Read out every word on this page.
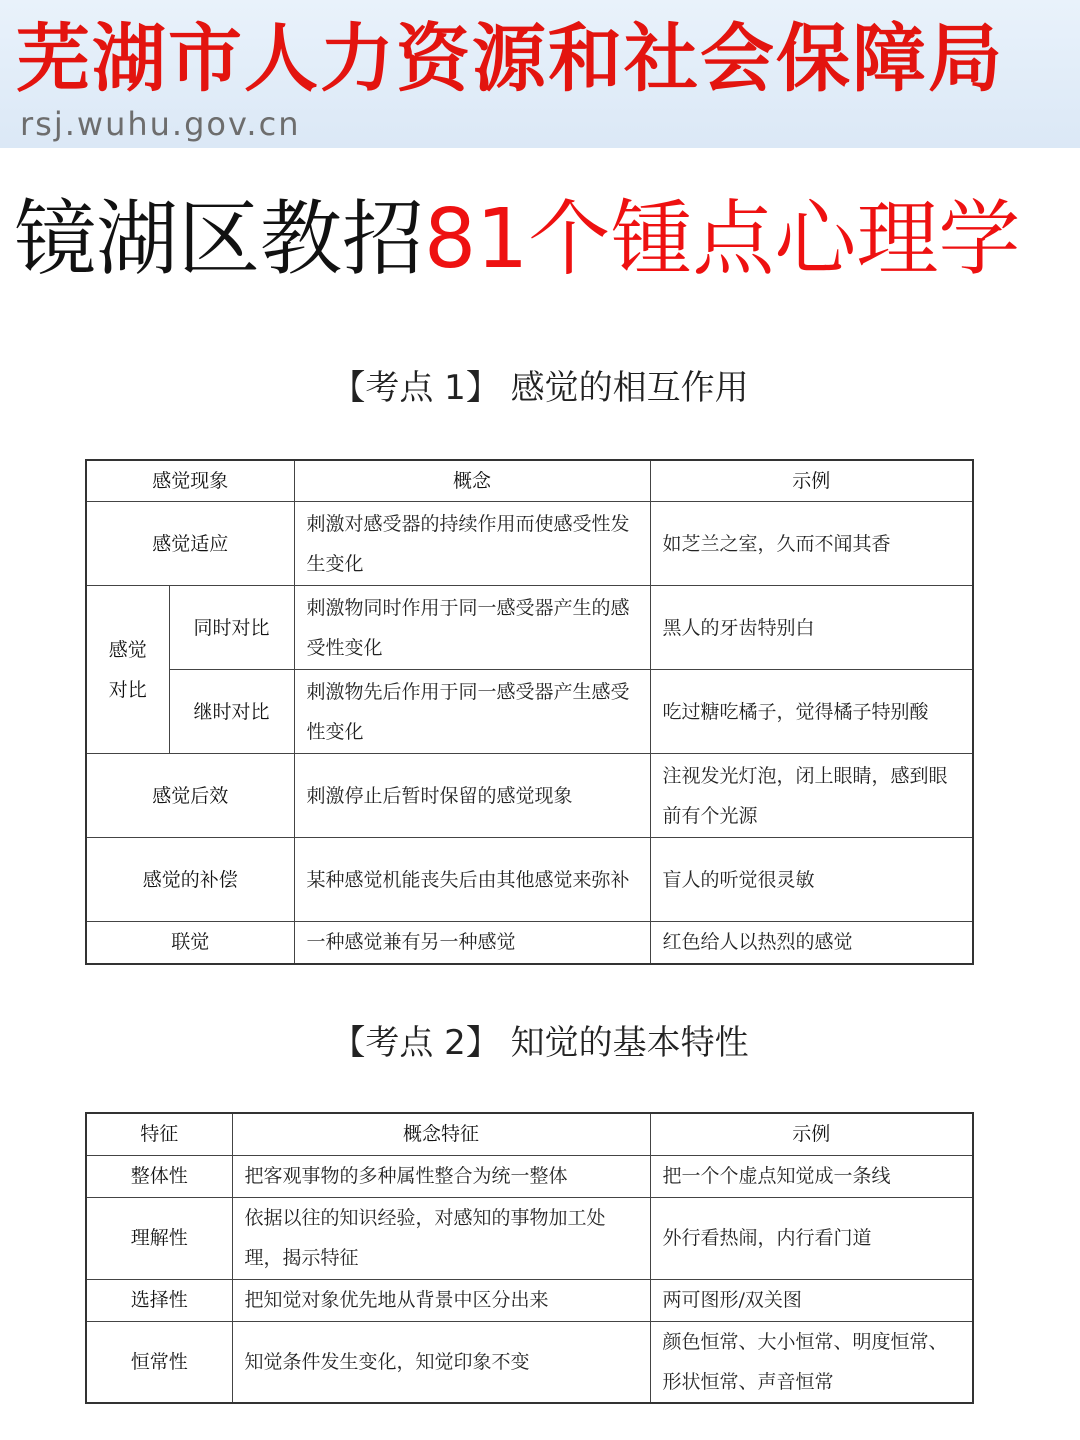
芜湖市人力资源和社会保障局
rsj.wuhu.gov.cn
镜湖区教招81个锺点心理学
【考点 1】 感觉的相互作用
感觉现象		概念	示例
感觉适应		刺激对感受器的持续作用而使感受性发生变化	如芝兰之室，久而不闻其香
感觉对比	同时对比	刺激物同时作用于同一感受器产生的感受性变化	黑人的牙齿特别白
	继时对比	刺激物先后作用于同一感受器产生感受性变化	吃过糖吃橘子，觉得橘子特别酸
感觉后效		刺激停止后暂时保留的感觉现象	注视发光灯泡，闭上眼睛，感到眼前有个光源
感觉的补偿		某种感觉机能丧失后由其他感觉来弥补	盲人的听觉很灵敏
联觉		一种感觉兼有另一种感觉	红色给人以热烈的感觉
【考点 2】 知觉的基本特性
特征	概念特征	示例
整体性	把客观事物的多种属性整合为统一整体	把一个个虚点知觉成一条线
理解性	依据以往的知识经验，对感知的事物加工处理，揭示特征	外行看热闹，内行看门道
选择性	把知觉对象优先地从背景中区分出来	两可图形/双关图
恒常性	知觉条件发生变化，知觉印象不变	颜色恒常、大小恒常、明度恒常、形状恒常、声音恒常
